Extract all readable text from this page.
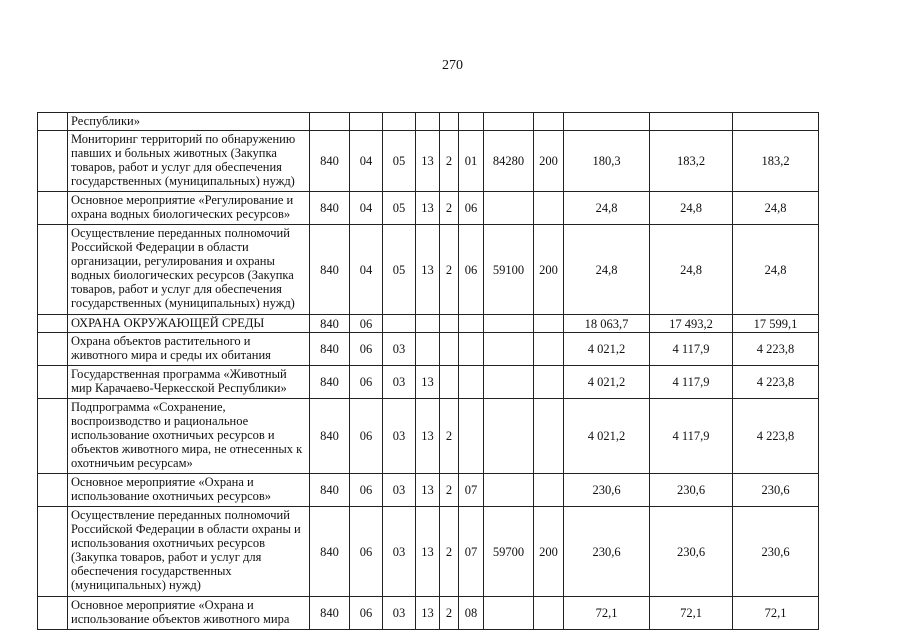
270
	Республики»											
	Мониторинг территорий по обнаружению павших и больных животных (Закупка товаров, работ и услуг для обеспечения государственных (муниципальных) нужд)	840	04	05	13	2	01	84280	200	180,3	183,2	183,2
	Основное мероприятие «Регулирование и охрана водных биологических ресурсов»	840	04	05	13	2	06			24,8	24,8	24,8
	Осуществление переданных полномочий Российской Федерации в области организации, регулирования и охраны водных биологических ресурсов (Закупка товаров, работ и услуг для обеспечения государственных (муниципальных) нужд)	840	04	05	13	2	06	59100	200	24,8	24,8	24,8
	ОХРАНА ОКРУЖАЮЩЕЙ СРЕДЫ	840	06							18 063,7	17 493,2	17 599,1
	Охрана объектов растительного и животного мира и среды их обитания	840	06	03						4 021,2	4 117,9	4 223,8
	Государственная программа «Животный мир Карачаево-Черкесской Республики»	840	06	03	13					4 021,2	4 117,9	4 223,8
	Подпрограмма «Сохранение, воспроизводство и рациональное использование охотничьих ресурсов и объектов животного мира, не отнесенных к охотничьим ресурсам»	840	06	03	13	2				4 021,2	4 117,9	4 223,8
	Основное мероприятие «Охрана и использование охотничьих ресурсов»	840	06	03	13	2	07			230,6	230,6	230,6
	Осуществление переданных полномочий Российской Федерации в области охраны и использования охотничьих ресурсов (Закупка товаров, работ и услуг для обеспечения государственных (муниципальных) нужд)	840	06	03	13	2	07	59700	200	230,6	230,6	230,6
	Основное мероприятие «Охрана и использование объектов животного мира	840	06	03	13	2	08			72,1	72,1	72,1
